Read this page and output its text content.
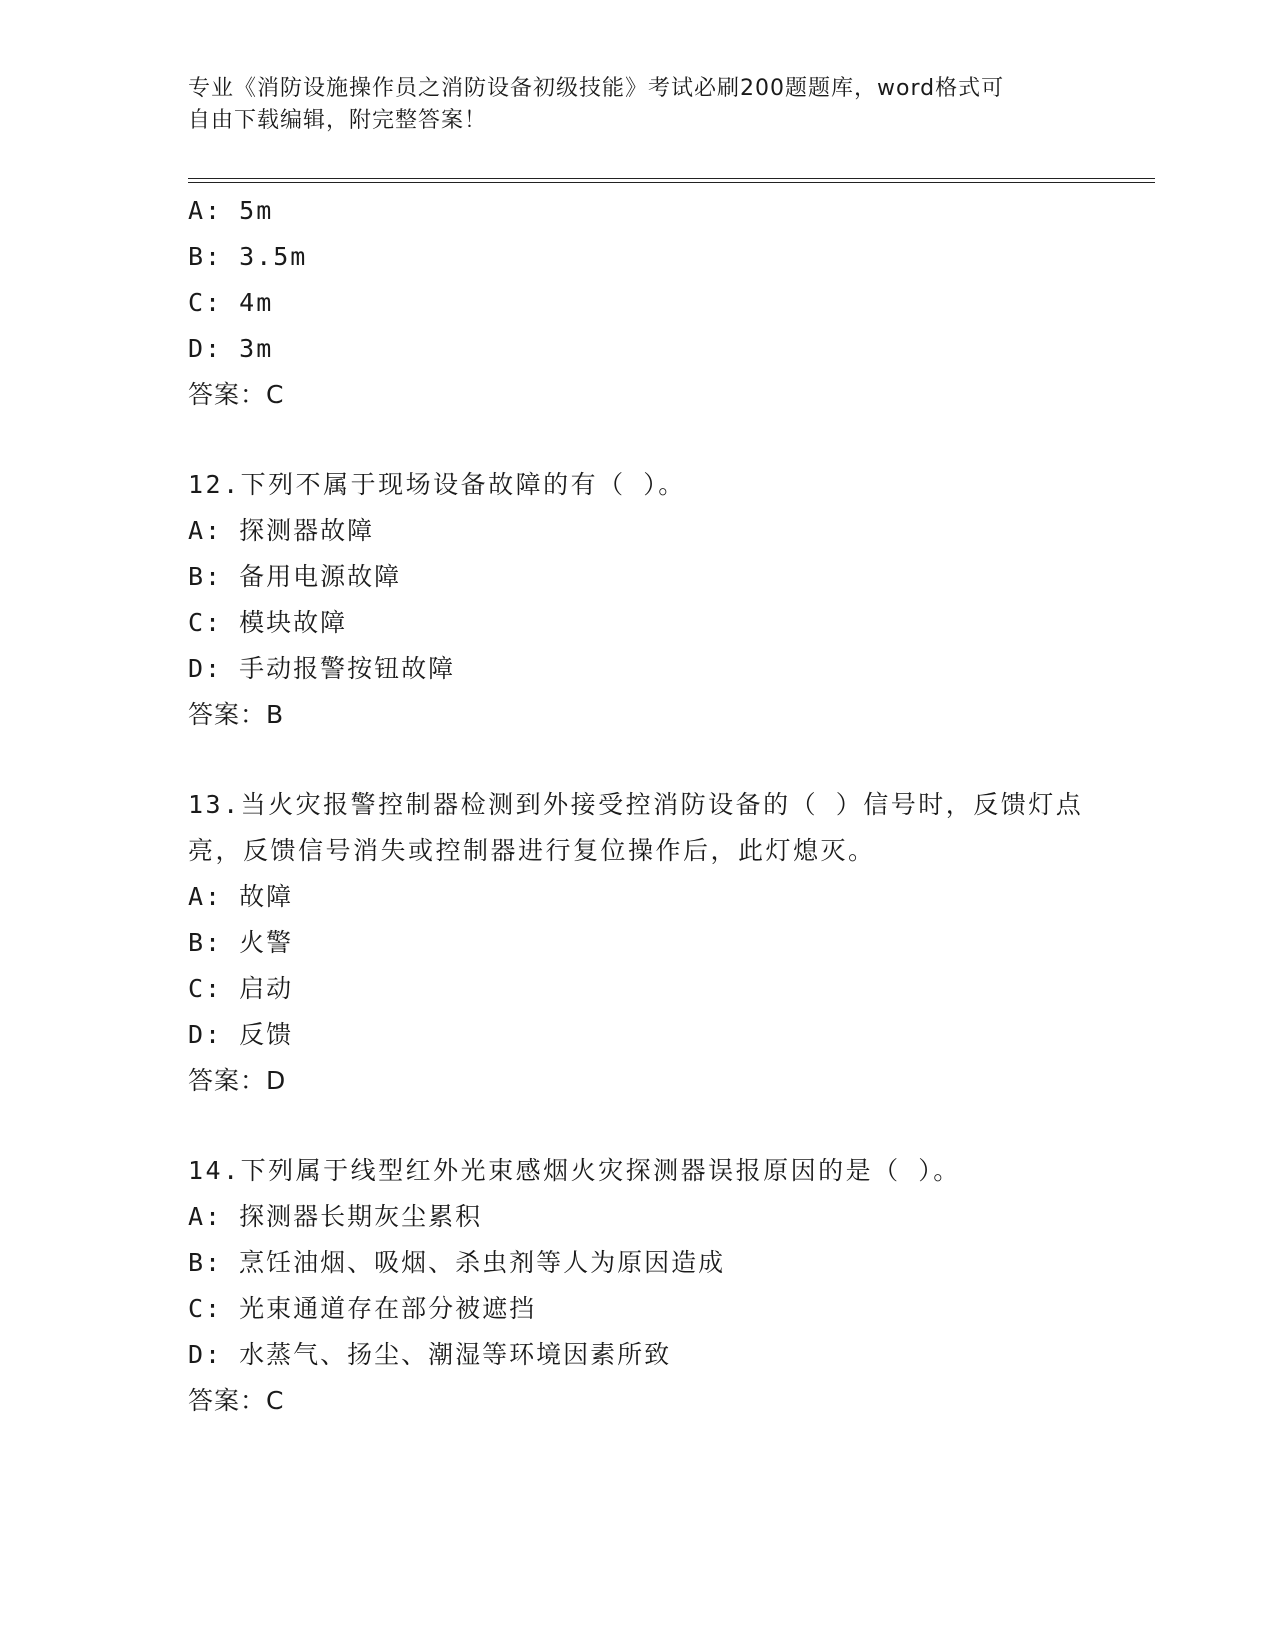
专业《消防设施操作员之消防设备初级技能》考试必刷200题题库，word格式可
自由下载编辑，附完整答案！
A: 5m
B: 3.5m
C: 4m
D: 3m
答案：C
12.下列不属于现场设备故障的有（ ）。
A: 探测器故障
B: 备用电源故障
C: 模块故障
D: 手动报警按钮故障
答案：B
13.当火灾报警控制器检测到外接受控消防设备的（ ）信号时，反馈灯点亮，反馈信号消失或控制器进行复位操作后，此灯熄灭。
A: 故障
B: 火警
C: 启动
D: 反馈
答案：D
14.下列属于线型红外光束感烟火灾探测器误报原因的是（ ）。
A: 探测器长期灰尘累积
B: 烹饪油烟、吸烟、杀虫剂等人为原因造成
C: 光束通道存在部分被遮挡
D: 水蒸气、扬尘、潮湿等环境因素所致
答案：C
